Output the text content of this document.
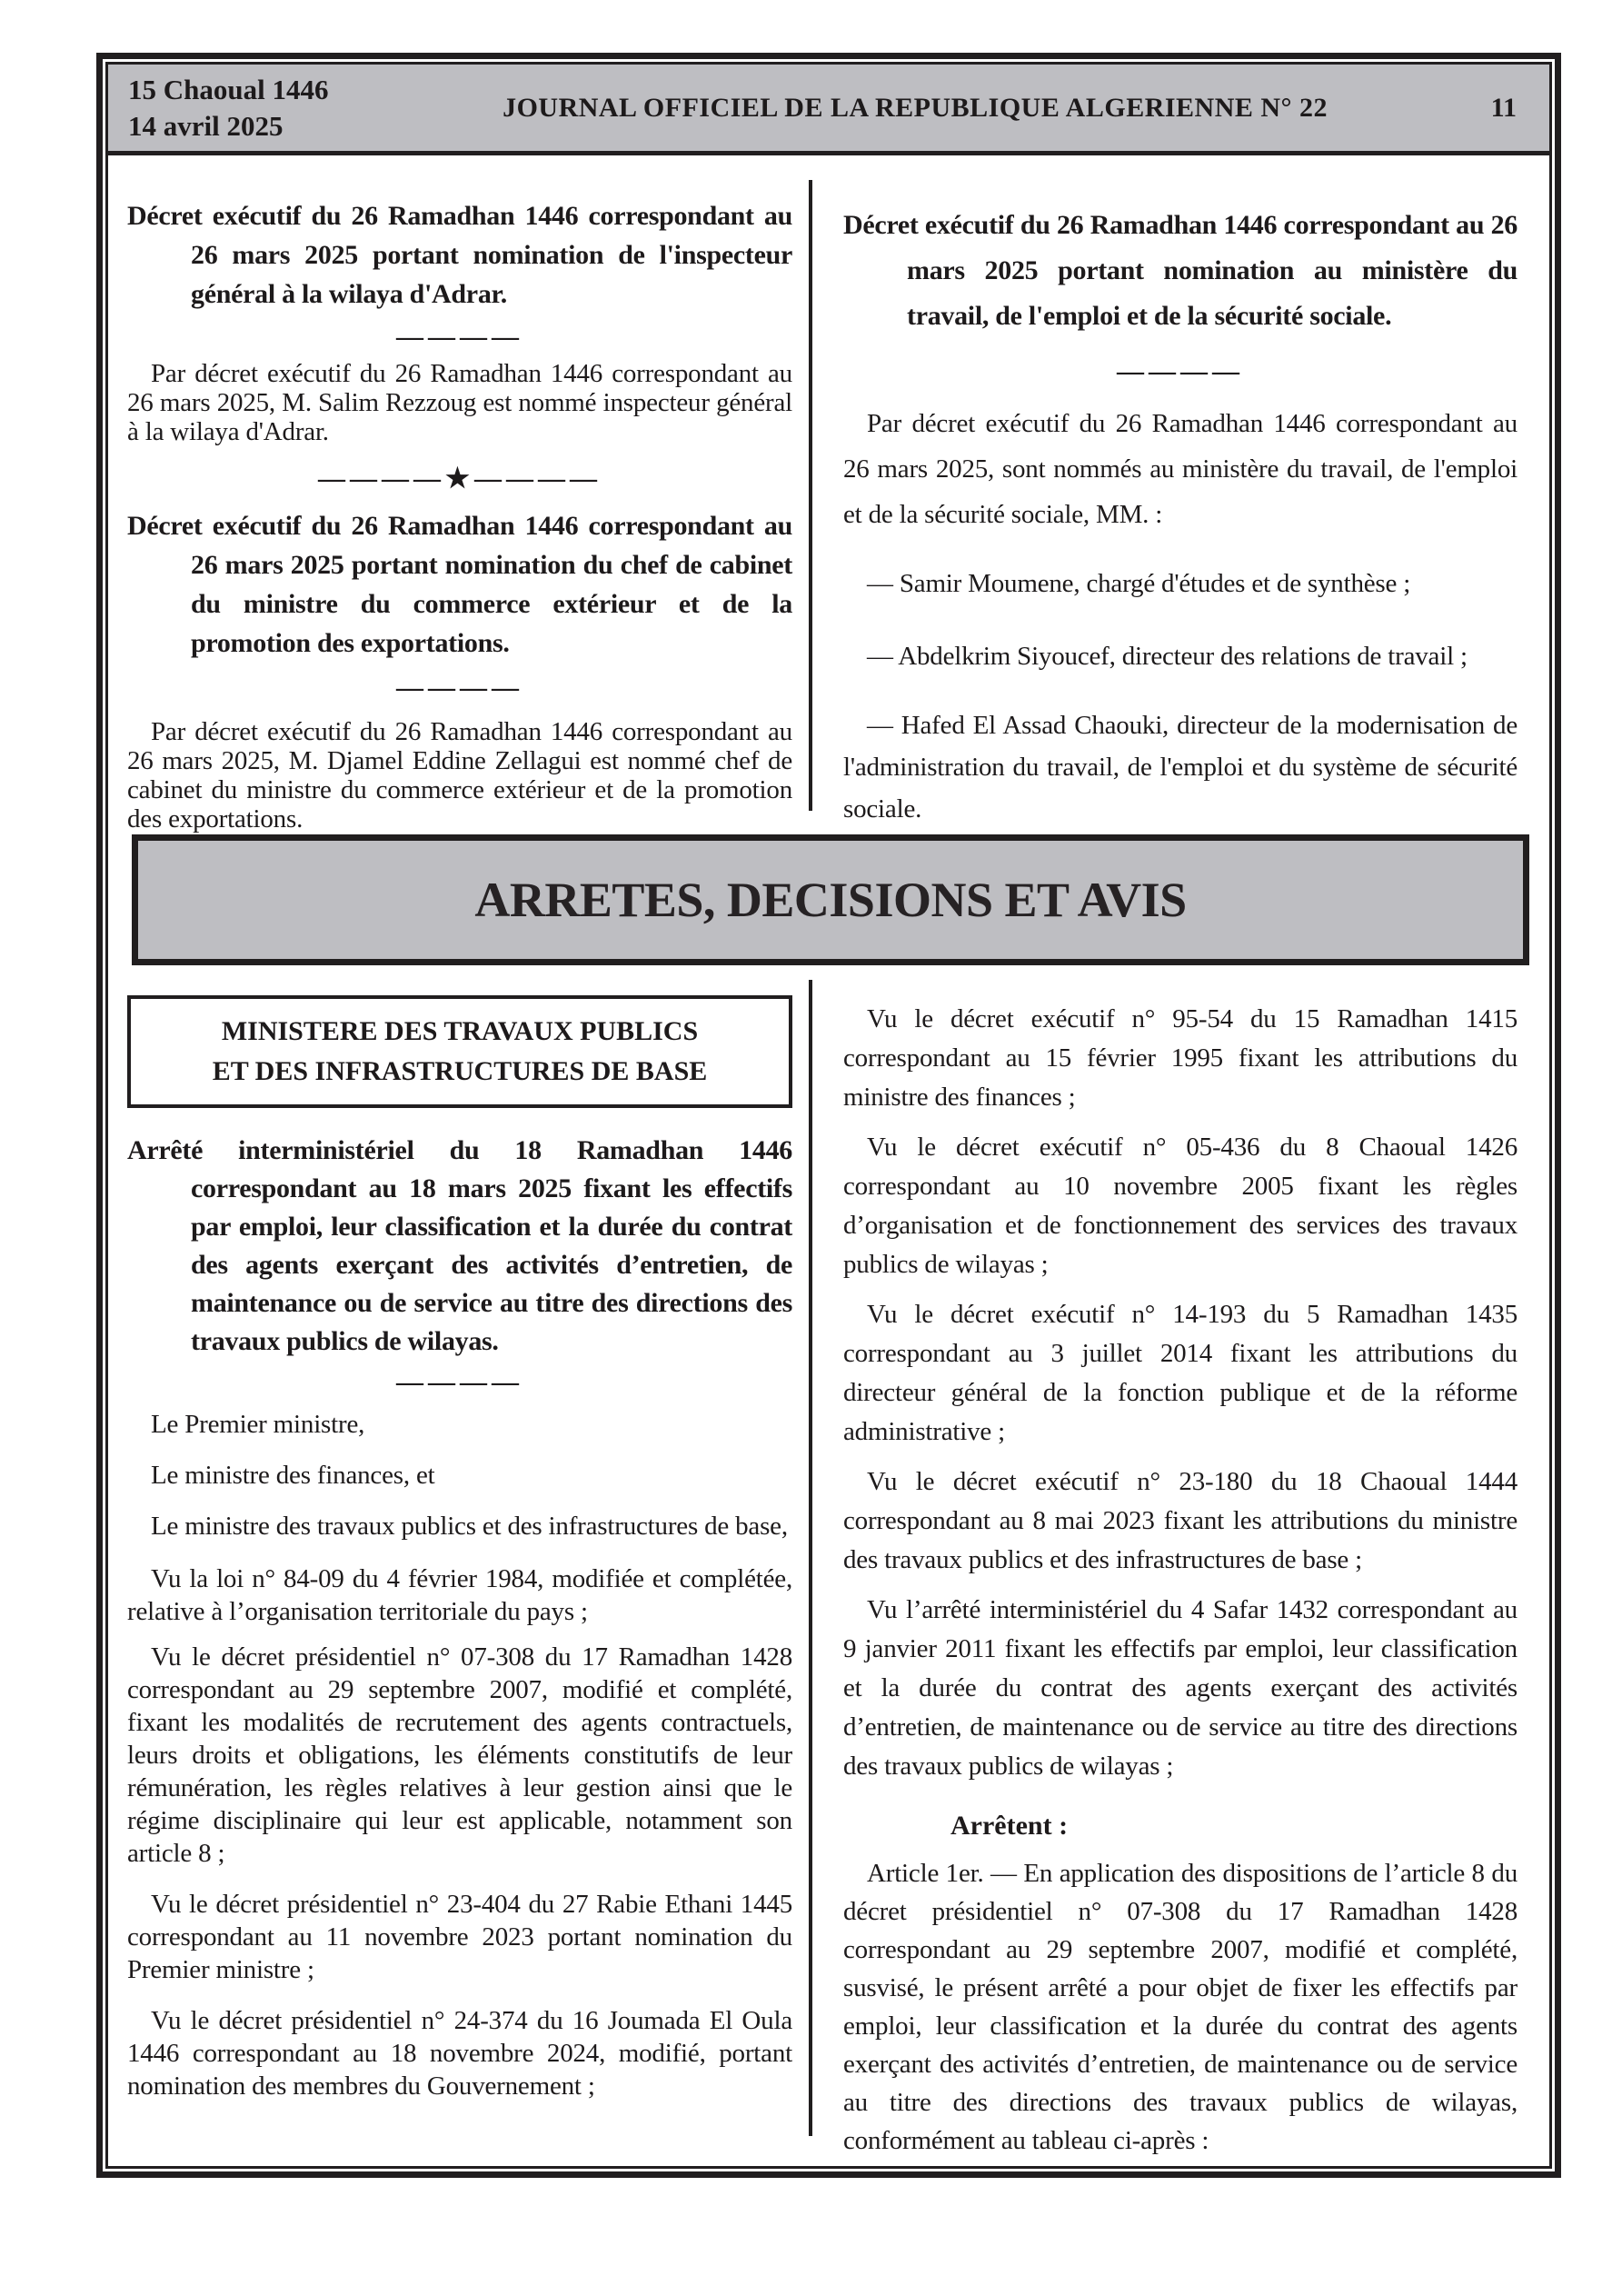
15 Chaoual 1446
14 avril 2025
JOURNAL OFFICIEL DE LA REPUBLIQUE ALGERIENNE N° 22	11
Décret exécutif du 26 Ramadhan 1446 correspondant au 26 mars 2025 portant nomination de l'inspecteur général à la wilaya d'Adrar.
————
Par décret exécutif du 26 Ramadhan 1446 correspondant au 26 mars 2025, M. Salim Rezzoug est nommé inspecteur général à la wilaya d'Adrar.
————★————
Décret exécutif du 26 Ramadhan 1446 correspondant au 26 mars 2025 portant nomination du chef de cabinet du ministre du commerce extérieur et de la promotion des exportations.
————
Par décret exécutif du 26 Ramadhan 1446 correspondant au 26 mars 2025, M. Djamel Eddine Zellagui est nommé chef de cabinet du ministre du commerce extérieur et de la promotion des exportations.
Décret exécutif du 26 Ramadhan 1446 correspondant au 26 mars 2025 portant nomination au ministère du travail, de l'emploi et de la sécurité sociale.
————
Par décret exécutif du 26 Ramadhan 1446 correspondant au 26 mars 2025, sont nommés au ministère du travail, de l'emploi et de la sécurité sociale, MM. :
— Samir Moumene, chargé d'études et de synthèse ;
— Abdelkrim Siyoucef, directeur des relations de travail ;
— Hafed El Assad Chaouki, directeur de la modernisation de l'administration du travail, de l'emploi et du système de sécurité sociale.
ARRETES, DECISIONS ET AVIS
MINISTERE DES TRAVAUX PUBLICS
ET DES INFRASTRUCTURES DE BASE
Arrêté interministériel du 18 Ramadhan 1446 correspondant au 18 mars 2025 fixant les effectifs par emploi, leur classification et la durée du contrat des agents exerçant des activités d’entretien, de maintenance ou de service au titre des directions des travaux publics de wilayas.
————
Le Premier ministre,
Le ministre des finances, et
Le ministre des travaux publics et des infrastructures de base,
Vu la loi n° 84-09 du 4 février 1984, modifiée et complétée, relative à l’organisation territoriale du pays ;
Vu le décret présidentiel n° 07-308 du 17 Ramadhan 1428 correspondant au 29 septembre 2007, modifié et complété, fixant les modalités de recrutement des agents contractuels, leurs droits et obligations, les éléments constitutifs de leur rémunération, les règles relatives à leur gestion ainsi que le régime disciplinaire qui leur est applicable, notamment son article 8 ;
Vu le décret présidentiel n° 23-404 du 27 Rabie Ethani 1445 correspondant au 11 novembre 2023 portant nomination du Premier ministre ;
Vu le décret présidentiel n° 24-374 du 16 Joumada El Oula 1446 correspondant au 18 novembre 2024, modifié, portant nomination des membres du Gouvernement ;
Vu le décret exécutif n° 95-54 du 15 Ramadhan 1415 correspondant au 15 février 1995 fixant les attributions du ministre des finances ;
Vu le décret exécutif n° 05-436 du 8 Chaoual 1426 correspondant au 10 novembre 2005 fixant les règles d’organisation et de fonctionnement des services des travaux publics de wilayas ;
Vu le décret exécutif n° 14-193 du 5 Ramadhan 1435 correspondant au 3 juillet 2014 fixant les attributions du directeur général de la fonction publique et de la réforme administrative ;
Vu le décret exécutif n° 23-180 du 18 Chaoual 1444 correspondant au 8 mai 2023 fixant les attributions du ministre des travaux publics et des infrastructures de base ;
Vu l’arrêté interministériel du 4 Safar 1432 correspondant au 9 janvier 2011 fixant les effectifs par emploi, leur classification et la durée du contrat des agents exerçant des activités d’entretien, de maintenance ou de service au titre des directions des travaux publics de wilayas ;
Arrêtent :
Article 1er. — En application des dispositions de l’article 8 du décret présidentiel n° 07-308 du 17 Ramadhan 1428 correspondant au 29 septembre 2007, modifié et complété, susvisé, le présent arrêté a pour objet de fixer les effectifs par emploi, leur classification et la durée du contrat des agents exerçant des activités d’entretien, de maintenance ou de service au titre des directions des travaux publics de wilayas, conformément au tableau ci-après :
